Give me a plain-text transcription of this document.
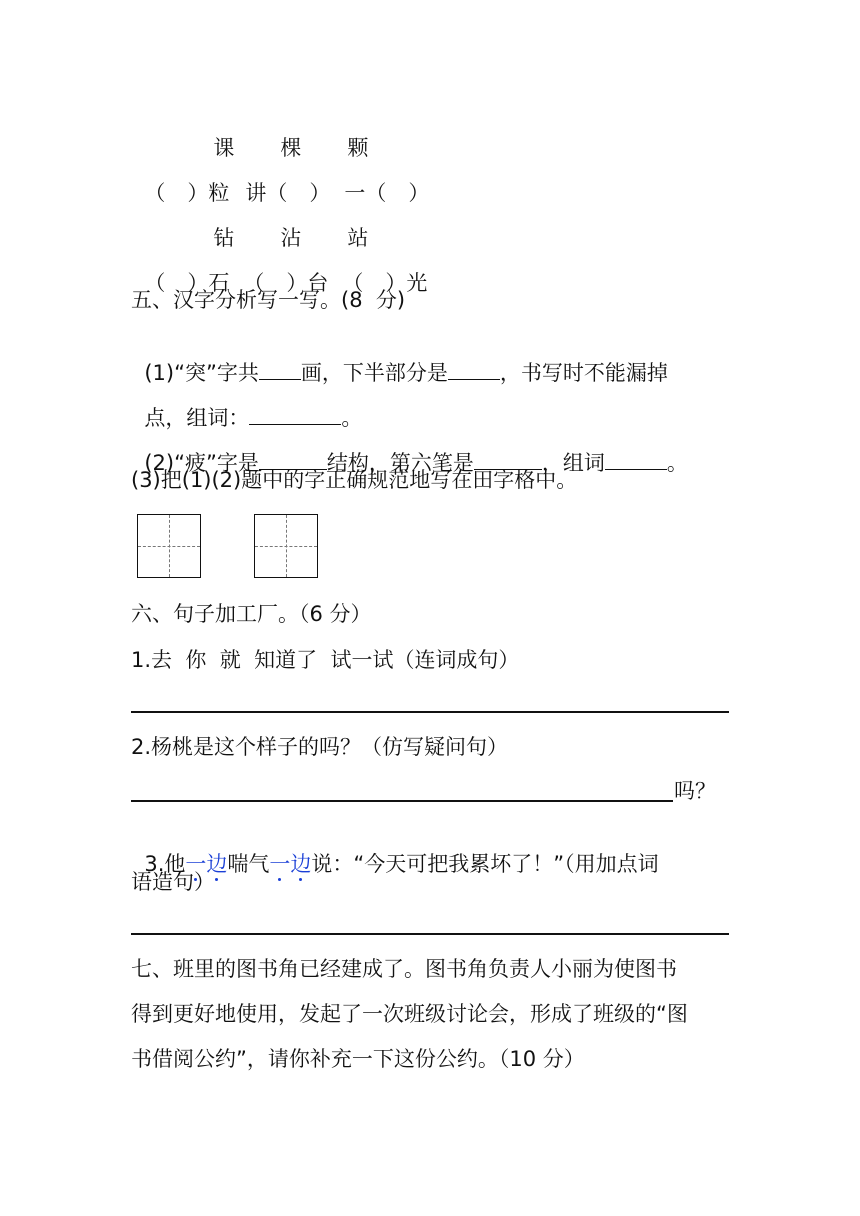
课 棵 颗

（ ）粒 讲（ ） 一（ ）

钻 沾 站

（ ）石 （ ）台 （ ）光

五、汉字分析写一写。(8  分)

(1)“突”字共 画，下半部分是 ，书写时不能漏掉

点，组词：	。

(2)“疲”字是	结构，第六笔是	，组词	。

(3)把(1)(2)题中的字正确规范地写在田字格中。
六、句子加工厂。（6 分）
1.去  你  就  知道了  试一试（连词成句）
2.杨桃是这个样子的吗？（仿写疑问句）
吗？

3.他一边
喘气一边
说：“今天可把我累坏了！”（用加点词

语造句）
七、班里的图书角已经建成了。图书角负责人小丽为使图书
得到更好地使用，发起了一次班级讨论会，形成了班级的“图
书借阅公约”，请你补充一下这份公约。（10 分）
